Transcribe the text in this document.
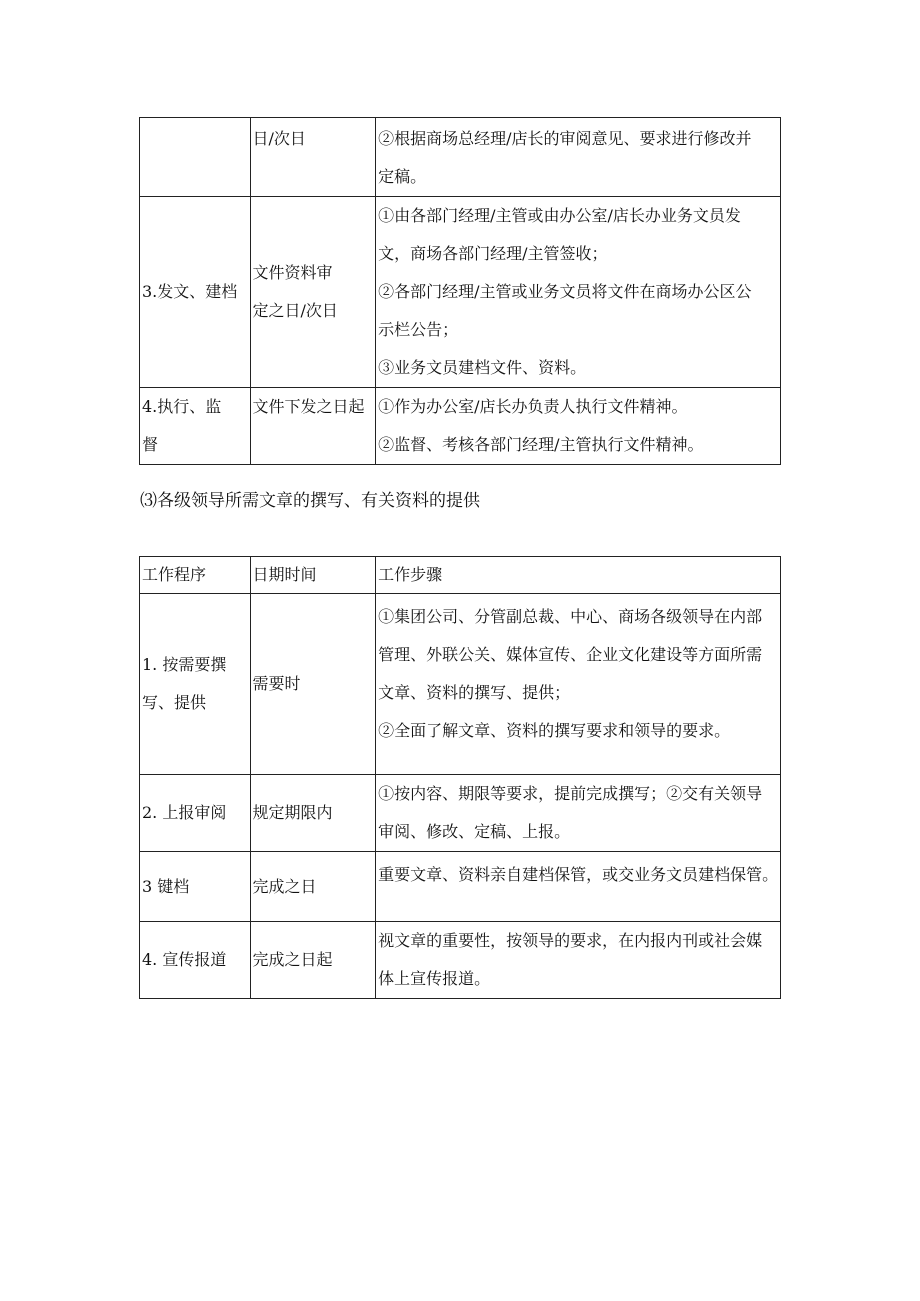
	日/次日	②根据商场总经理/店长的审阅意见、要求进行修改并
定稿。

3.发文、建档	文件资料审
定之日/次日	①由各部门经理/主管或由办公室/店长办业务文员发
文，商场各部门经理/主管签收；
②各部门经理/主管或业务文员将文件在商场办公区公
示栏公告；
③业务文员建档文件、资料。

4.执行、监
督	文件下发之日起	①作为办公室/店长办负责人执行文件精神。
②监督、考核各部门经理/主管执行文件精神。
⑶各级领导所需文章的撰写、有关资料的提供
工作程序	日期时间	工作步骤

1. 按需要撰
写、提供	需要时	①集团公司、分管副总裁、中心、商场各级领导在内部
管理、外联公关、媒体宣传、企业文化建设等方面所需
文章、资料的撰写、提供；
②全面了解文章、资料的撰写要求和领导的要求。

2. 上报审阅	规定期限内	①按内容、期限等要求，提前完成撰写；②交有关领导
审阅、修改、定稿、上报。

3 键档	完成之日	重要文章、资料亲自建档保管，或交业务文员建档保管。

4. 宣传报道	完成之日起	视文章的重要性，按领导的要求，在内报内刊或社会媒
体上宣传报道。
